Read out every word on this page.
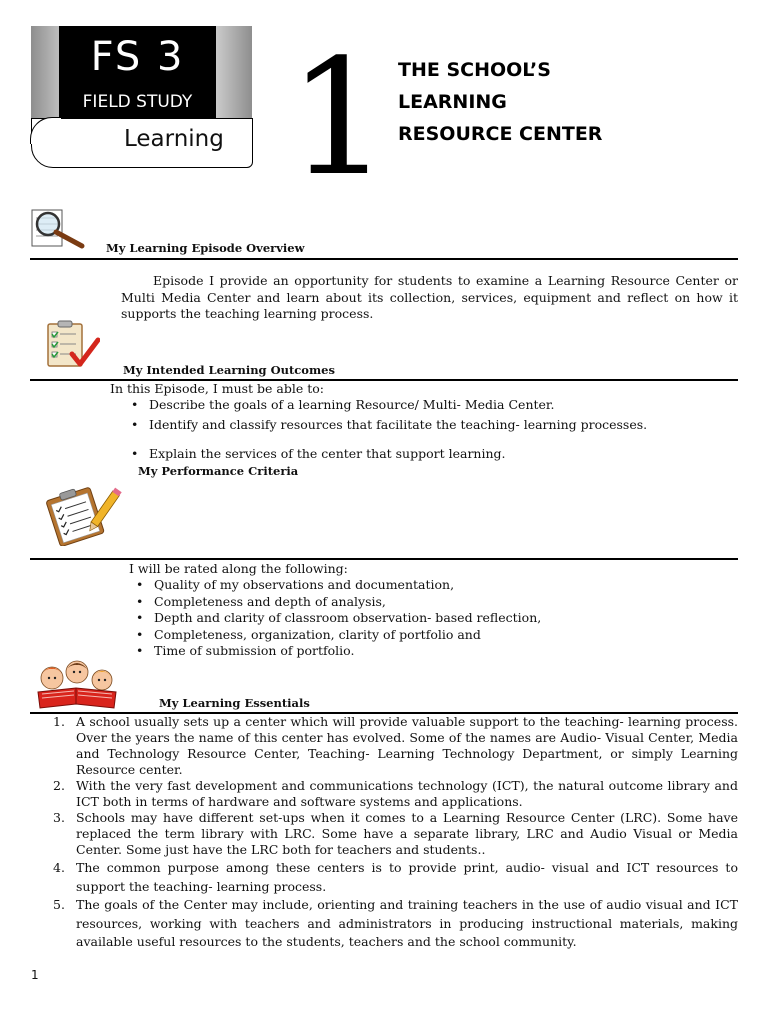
FS 3
FIELD STUDY
Learning 1 THE SCHOOL’S
LEARNING
RESOURCE CENTER
My Learning Episode Overview
Episode I provide an opportunity for students to examine a Learning Resource Center or Multi Media Center and learn about its collection, services, equipment and reflect on how it supports the teaching learning process.
My Intended Learning Outcomes
In this Episode, I must be able to:
• Describe the goals of a learning Resource/ Multi- Media Center.
• Identify and classify resources that facilitate the teaching- learning processes.
• Explain the services of the center that support learning.
My Performance Criteria
I will be rated along the following:
• Quality of my observations and documentation,
• Completeness and depth of analysis,
• Depth and clarity of classroom observation- based reflection,
• Completeness, organization, clarity of portfolio and
• Time of submission of portfolio.
My Learning Essentials
1. A school usually sets up a center which will provide valuable support to the teaching- learning process. Over the years the name of this center has evolved. Some of the names are Audio- Visual Center, Media and Technology Resource Center, Teaching- Learning Technology Department, or simply Learning Resource center.
2. With the very fast development and communications technology (ICT), the natural outcome library and ICT both in terms of hardware and software systems and applications.
3. Schools may have different set-ups when it comes to a Learning Resource Center (LRC). Some have replaced the term library with LRC. Some have a separate library, LRC and Audio Visual or Media Center. Some just have the LRC both for teachers and students..
4. The common purpose among these centers is to provide print, audio- visual and ICT resources to support the teaching- learning process.
5. The goals of the Center may include, orienting and training teachers in the use of audio visual and ICT resources, working with teachers and administrators in producing instructional materials, making available useful resources to the students, teachers and the school community.
1
